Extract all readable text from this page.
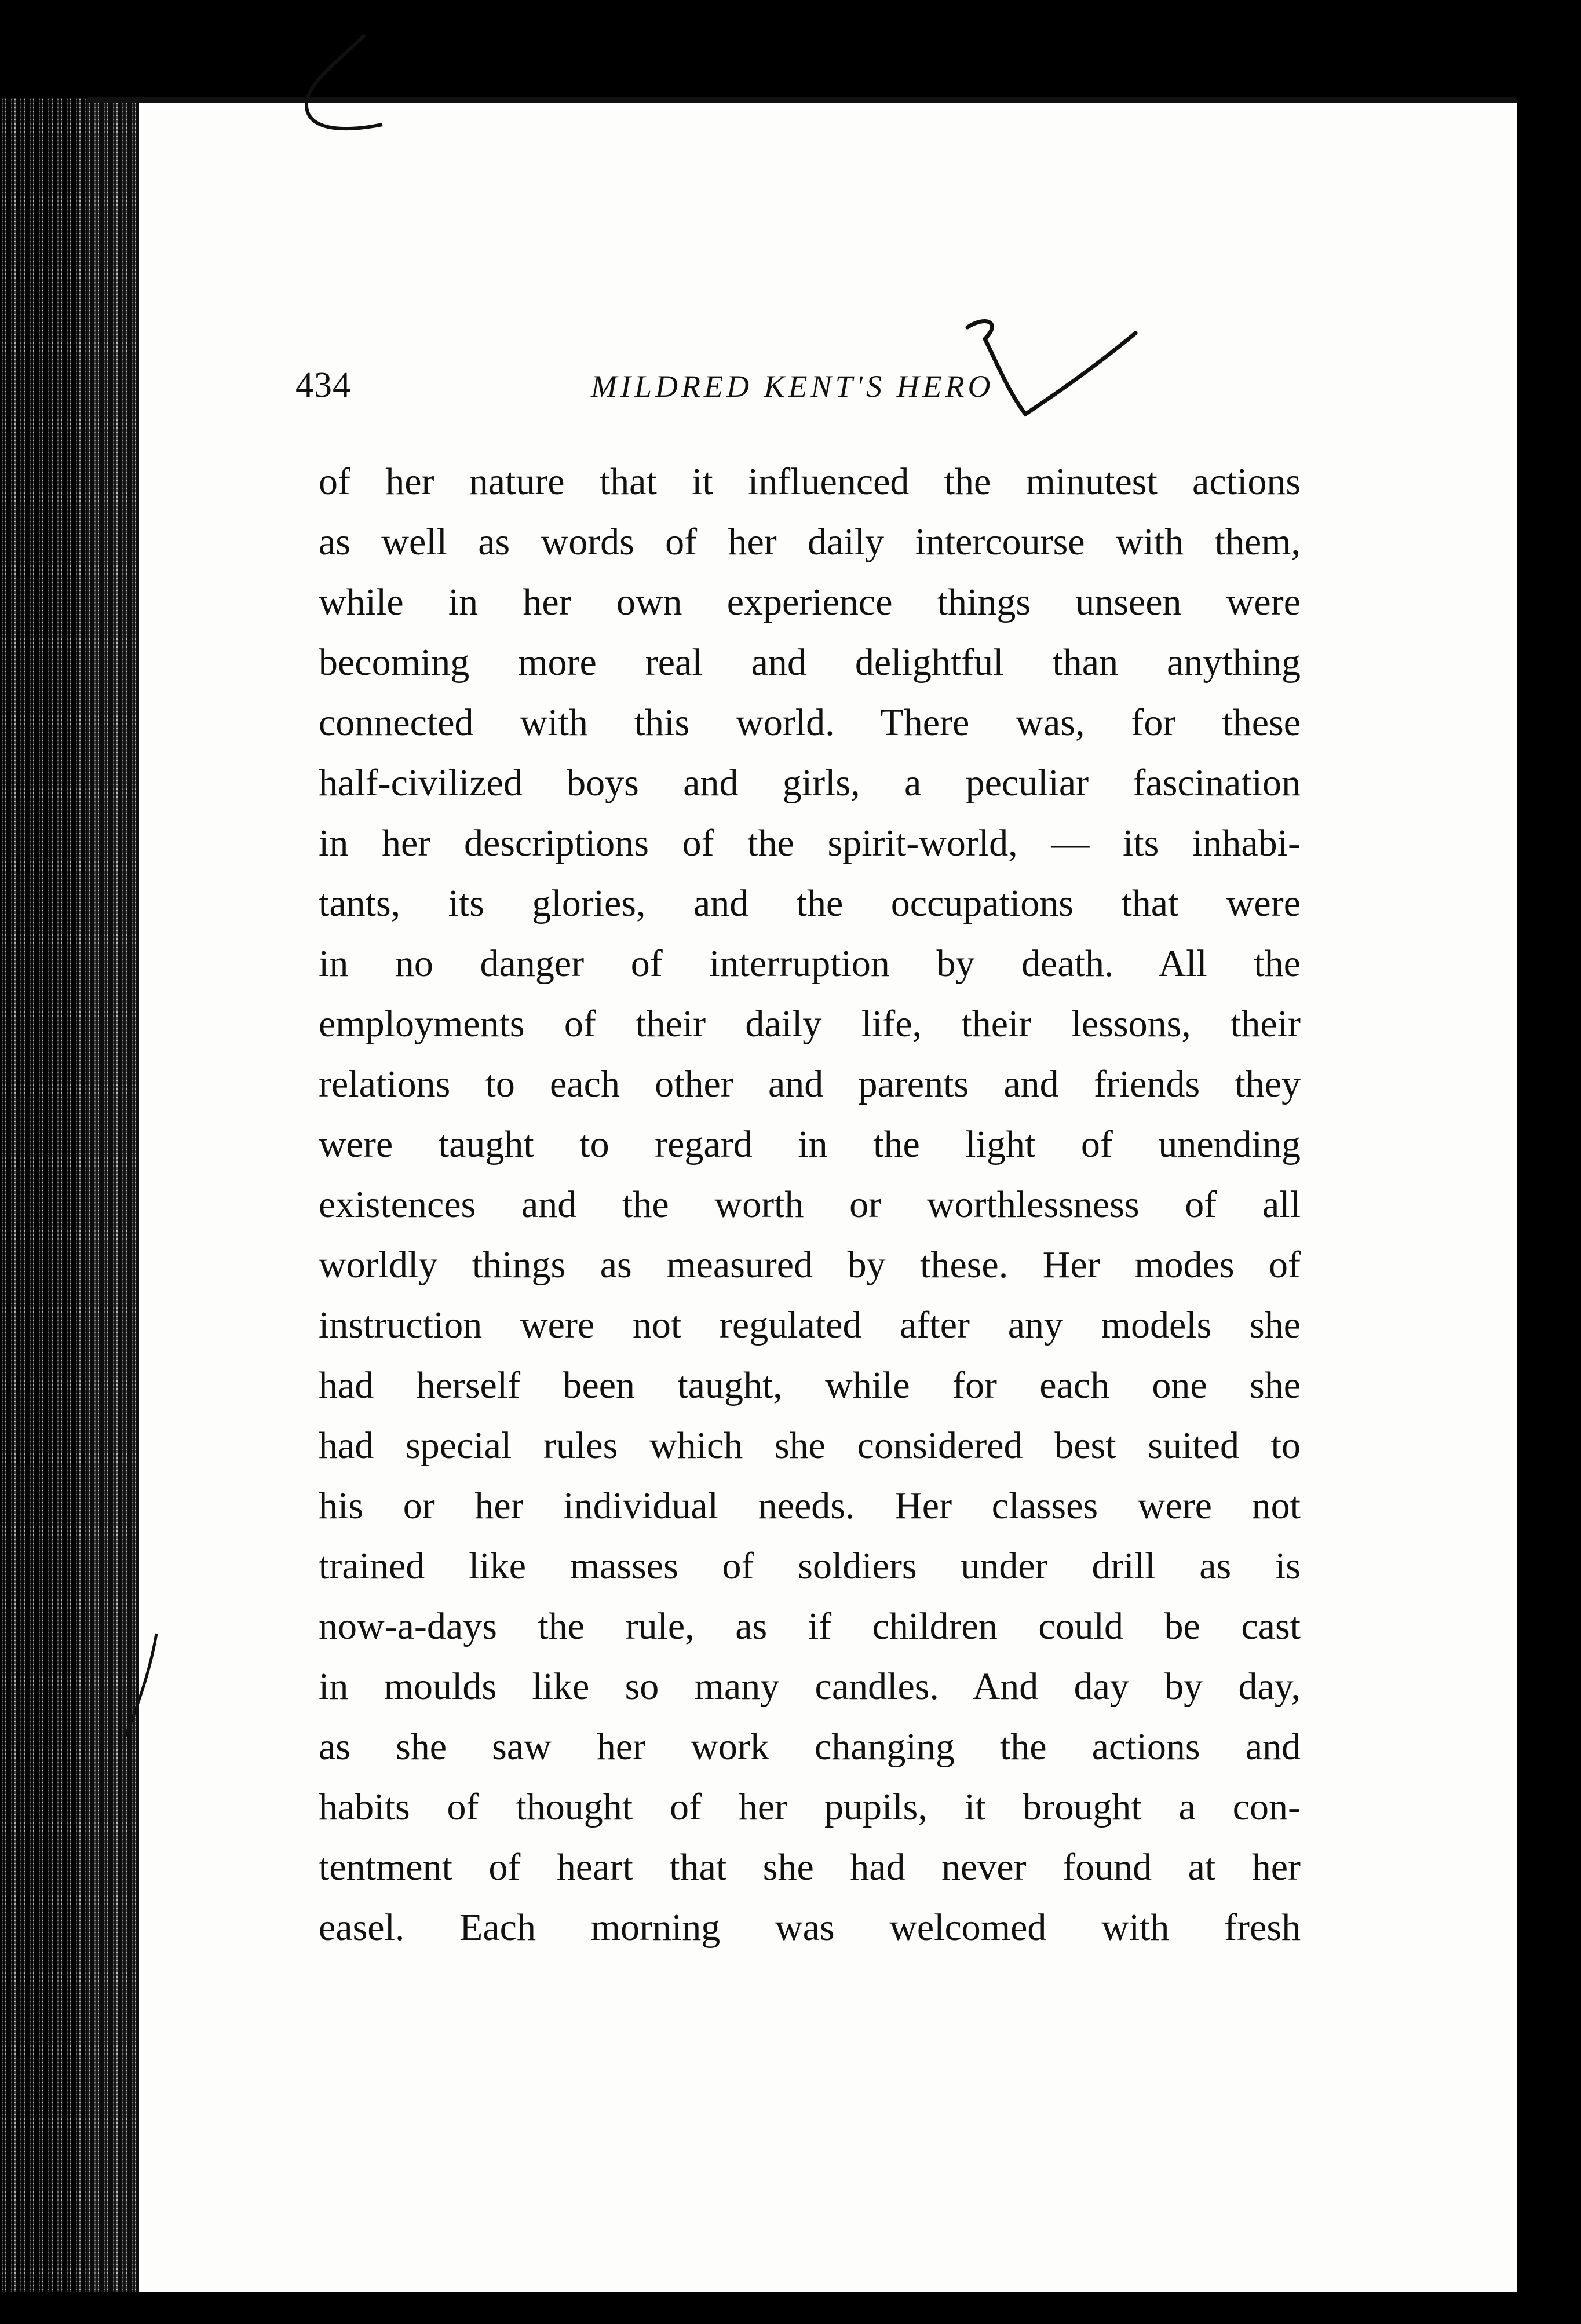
434	MILDRED KENT'S HERO
of her nature that it influenced the minutest actions
as well as words of her daily intercourse with them,
while in her own experience things unseen were
becoming more real and delightful than anything
connected with this world. There was, for these
half-civilized boys and girls, a peculiar fascination
in her descriptions of the spirit-world, — its inhabi-
tants, its glories, and the occupations that were
in no danger of interruption by death. All the
employments of their daily life, their lessons, their
relations to each other and parents and friends they
were taught to regard in the light of unending
existences and the worth or worthlessness of all
worldly things as measured by these. Her modes of
instruction were not regulated after any models she
had herself been taught, while for each one she
had special rules which she considered best suited to
his or her individual needs. Her classes were not
trained like masses of soldiers under drill as is
now-a-days the rule, as if children could be cast
in moulds like so many candles. And day by day,
as she saw her work changing the actions and
habits of thought of her pupils, it brought a con-
tentment of heart that she had never found at her
easel. Each morning was welcomed with fresh
